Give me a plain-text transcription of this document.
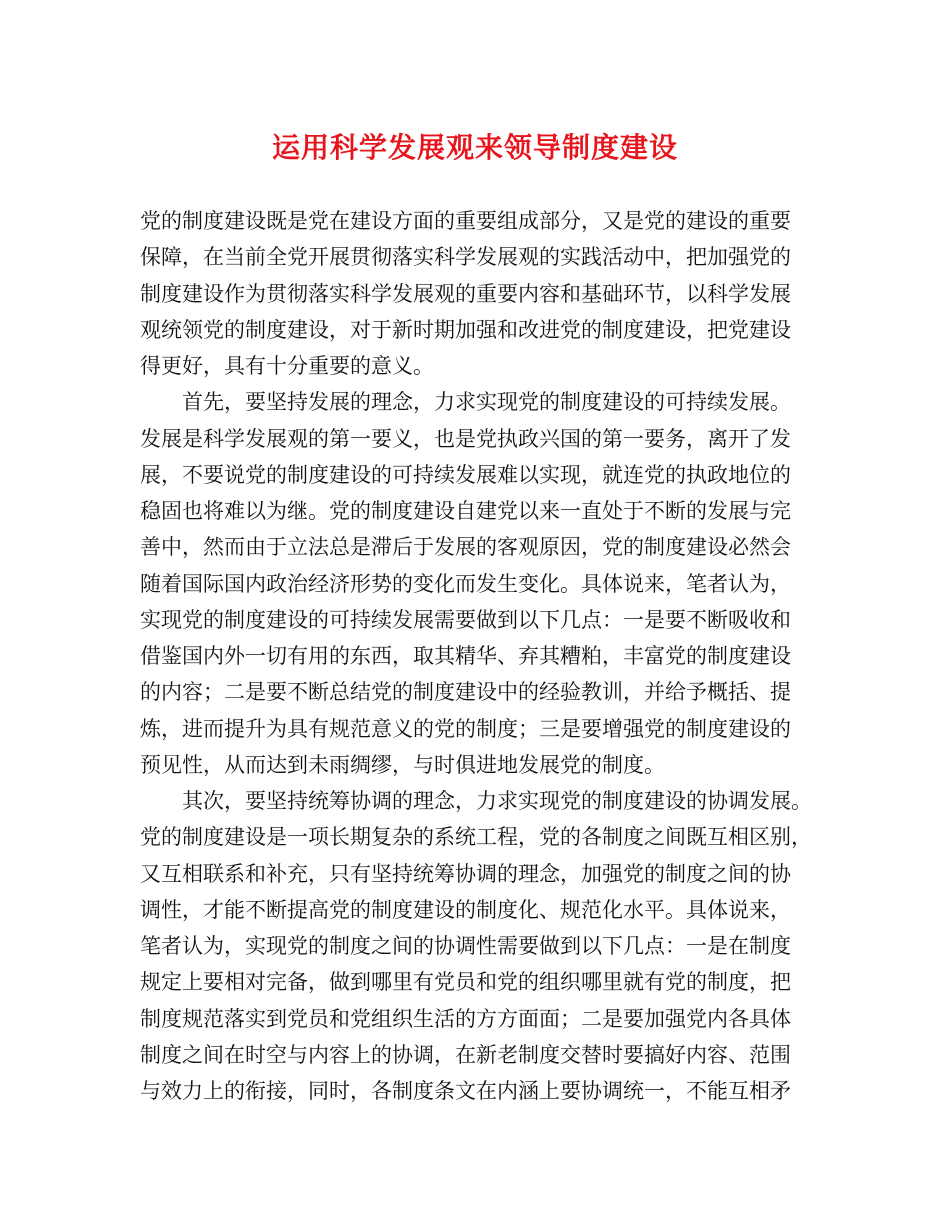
运用科学发展观来领导制度建设
党的制度建设既是党在建设方面的重要组成部分，又是党的建设的重要
保障，在当前全党开展贯彻落实科学发展观的实践活动中，把加强党的
制度建设作为贯彻落实科学发展观的重要内容和基础环节，以科学发展
观统领党的制度建设，对于新时期加强和改进党的制度建设，把党建设
得更好，具有十分重要的意义。
首先，要坚持发展的理念，力求实现党的制度建设的可持续发展。
发展是科学发展观的第一要义，也是党执政兴国的第一要务，离开了发
展，不要说党的制度建设的可持续发展难以实现，就连党的执政地位的
稳固也将难以为继。党的制度建设自建党以来一直处于不断的发展与完
善中，然而由于立法总是滞后于发展的客观原因，党的制度建设必然会
随着国际国内政治经济形势的变化而发生变化。具体说来，笔者认为，
实现党的制度建设的可持续发展需要做到以下几点：一是要不断吸收和
借鉴国内外一切有用的东西，取其精华、弃其糟粕，丰富党的制度建设
的内容；二是要不断总结党的制度建设中的经验教训，并给予概括、提
炼，进而提升为具有规范意义的党的制度；三是要增强党的制度建设的
预见性，从而达到未雨绸缪，与时俱进地发展党的制度。
其次，要坚持统筹协调的理念，力求实现党的制度建设的协调发展。
党的制度建设是一项长期复杂的系统工程，党的各制度之间既互相区别，
又互相联系和补充，只有坚持统筹协调的理念，加强党的制度之间的协
调性，才能不断提高党的制度建设的制度化、规范化水平。具体说来，
笔者认为，实现党的制度之间的协调性需要做到以下几点：一是在制度
规定上要相对完备，做到哪里有党员和党的组织哪里就有党的制度，把
制度规范落实到党员和党组织生活的方方面面；二是要加强党内各具体
制度之间在时空与内容上的协调，在新老制度交替时要搞好内容、范围
与效力上的衔接，同时，各制度条文在内涵上要协调统一，不能互相矛
